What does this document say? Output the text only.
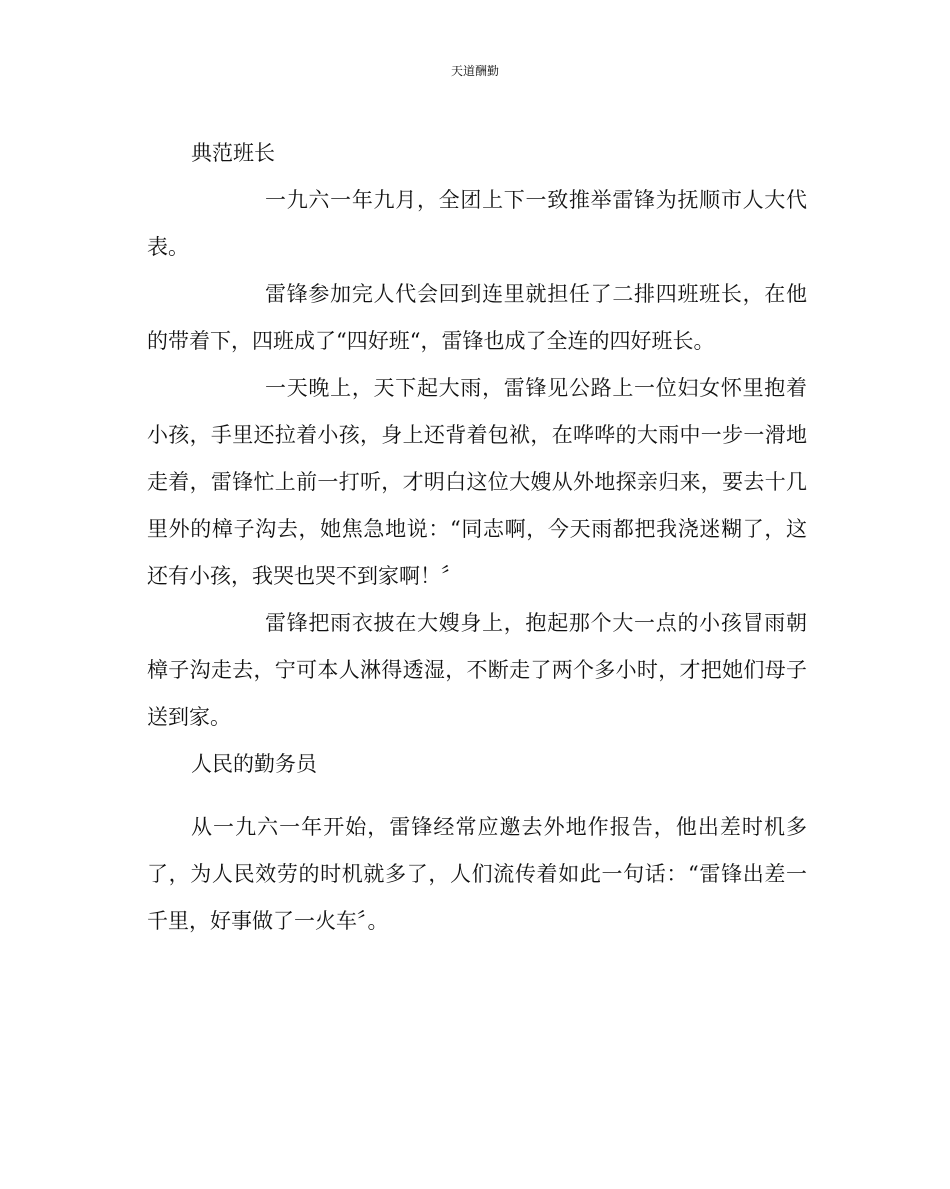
天道酬勤

典范班长

一九六一年九月，全团上下一致推举雷锋为抚顺市人大代表。

雷锋参加完人代会回到连里就担任了二排四班班长，在他的带着下，四班成了“四好班“，雷锋也成了全连的四好班长。

一天晚上，天下起大雨，雷锋见公路上一位妇女怀里抱着小孩，手里还拉着小孩，身上还背着包袱，在哗哗的大雨中一步一滑地走着，雷锋忙上前一打听，才明白这位大嫂从外地探亲归来，要去十几里外的樟子沟去，她焦急地说：“同志啊，今天雨都把我浇迷糊了，这还有小孩，我哭也哭不到家啊！〞

雷锋把雨衣披在大嫂身上，抱起那个大一点的小孩冒雨朝樟子沟走去，宁可本人淋得透湿，不断走了两个多小时，才把她们母子送到家。

人民的勤务员

从一九六一年开始，雷锋经常应邀去外地作报告，他出差时机多了，为人民效劳的时机就多了，人们流传着如此一句话：“雷锋出差一千里，好事做了一火车〞。
